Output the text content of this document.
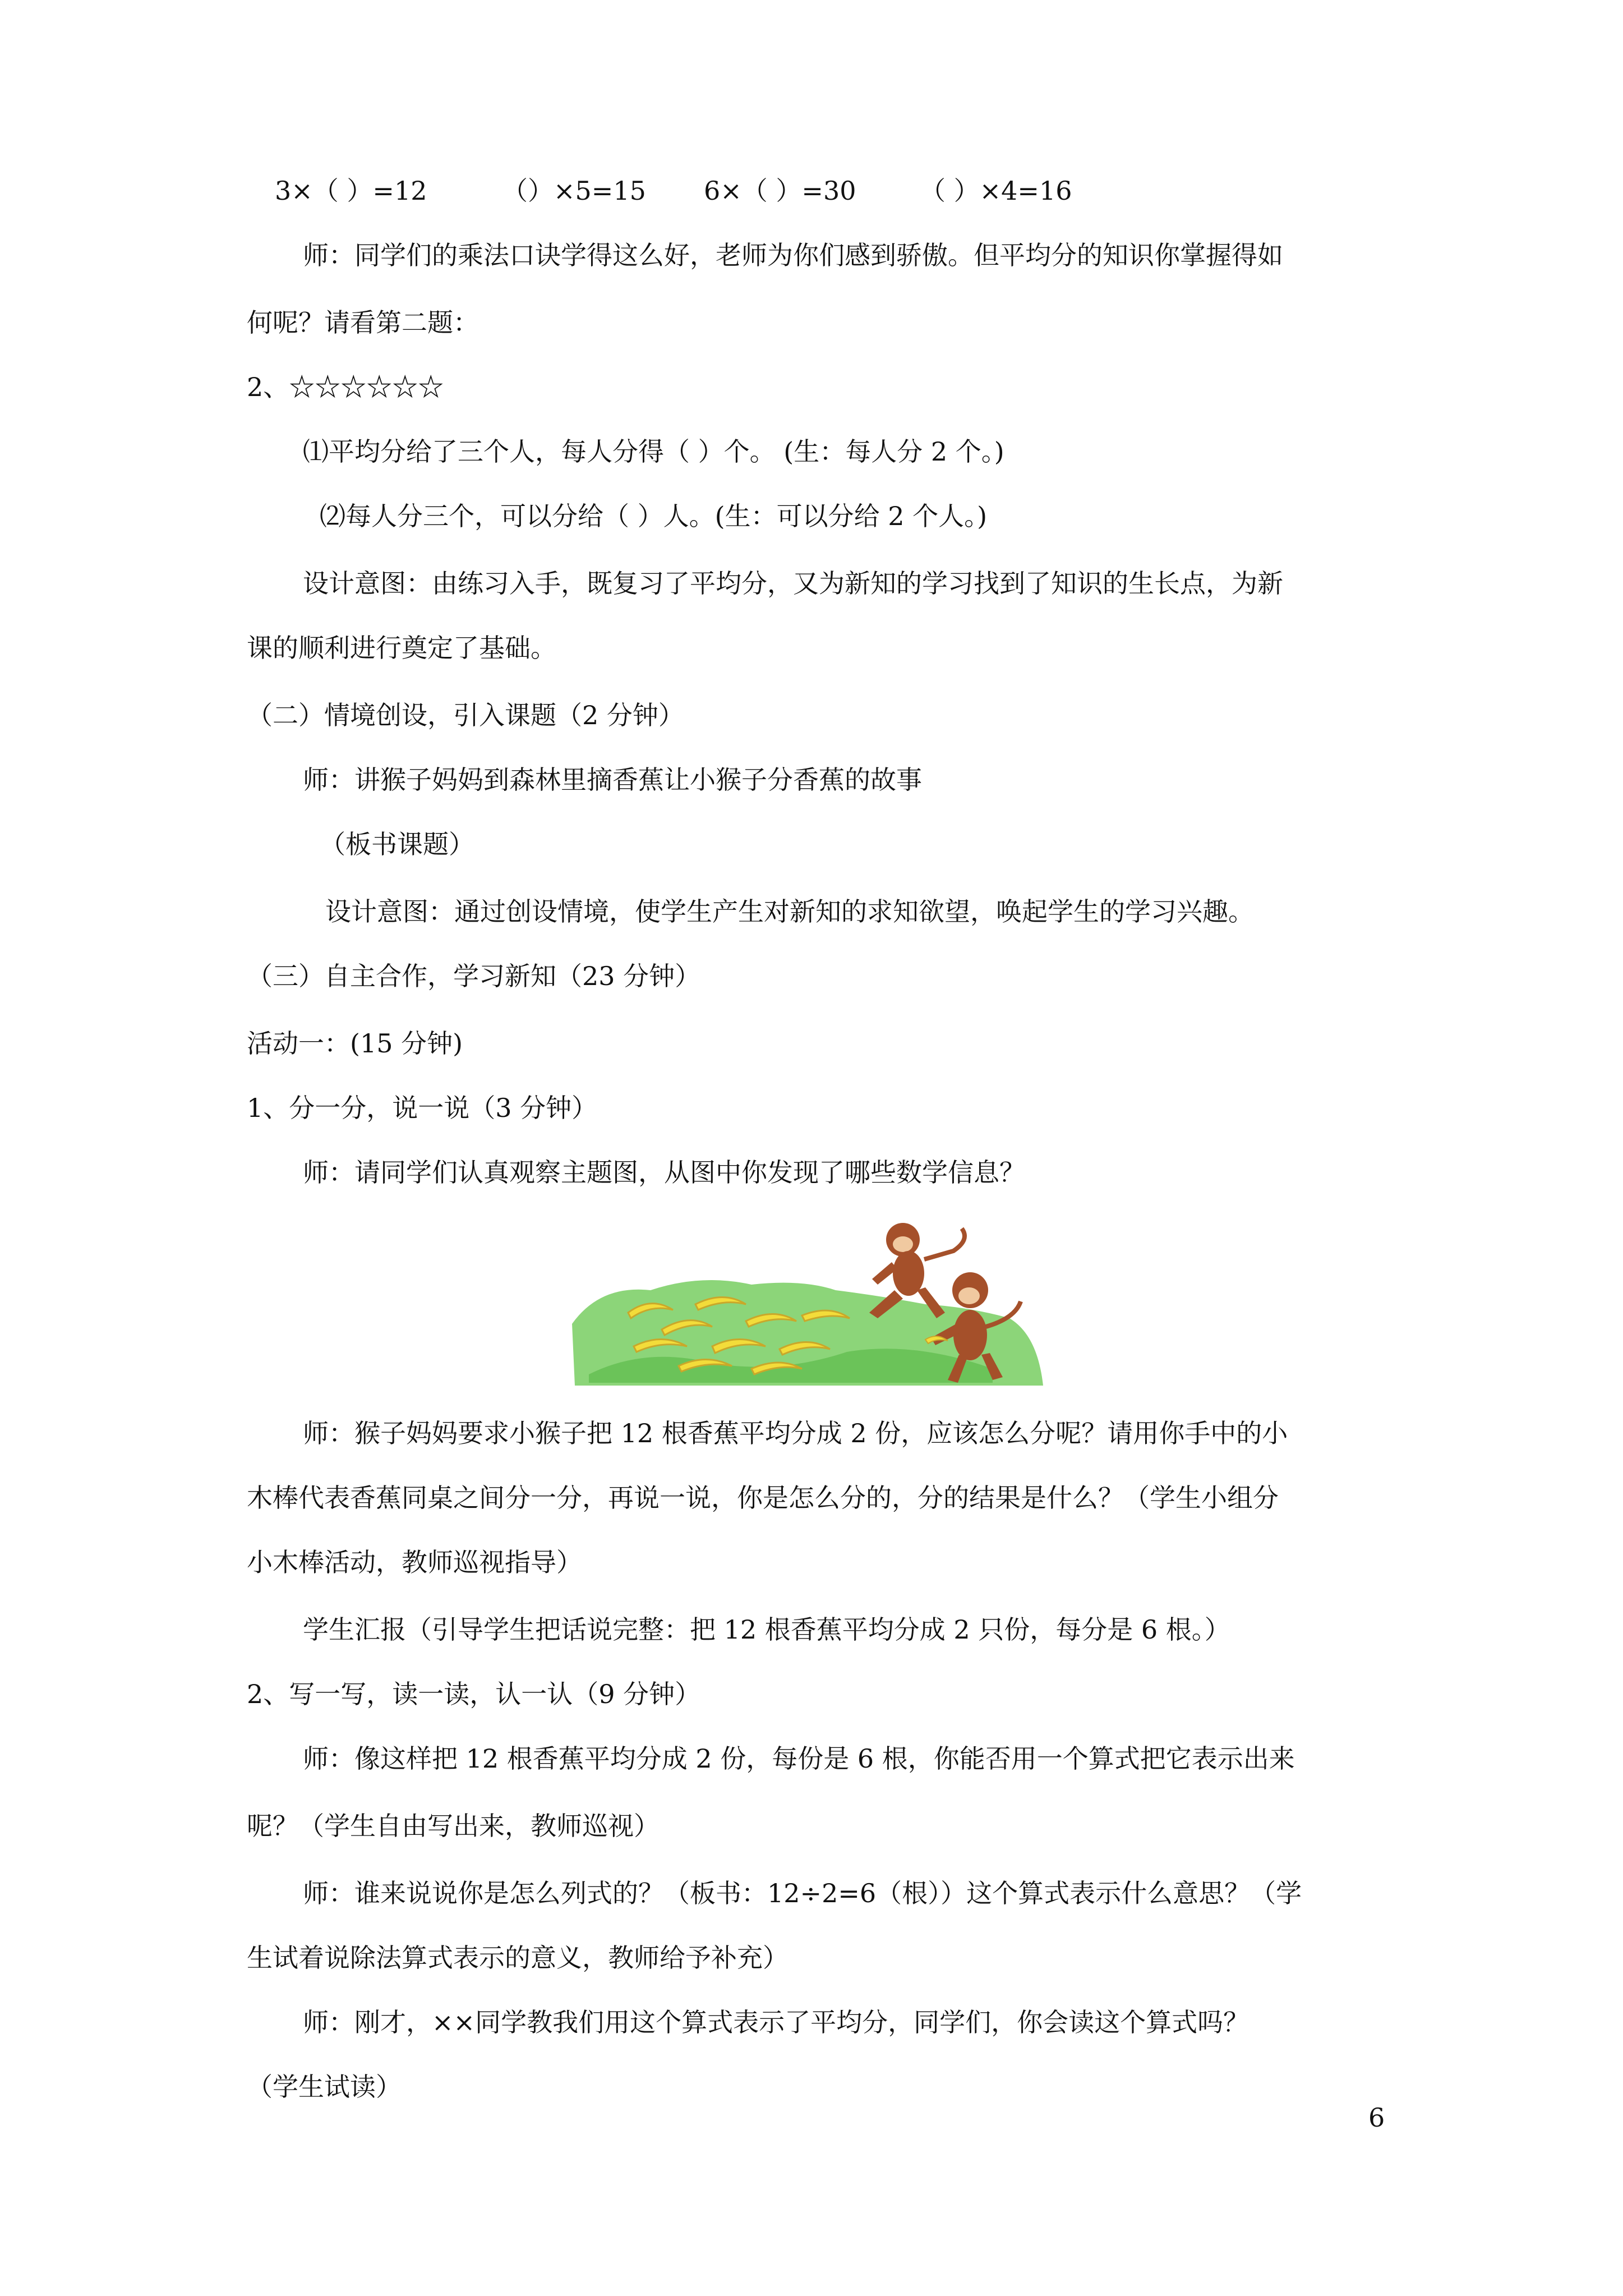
3×（ ）=12	（）×5=15 6×（ ）=30 （ ）×4=16
师：同学们的乘法口诀学得这么好，老师为你们感到骄傲。但平均分的知识你掌握得如
何呢？请看第二题：
2、☆☆☆☆☆☆
⑴平均分给了三个人，每人分得（ ）个。 (生：每人分 2 个。)
⑵每人分三个，可以分给（ ）人。(生：可以分给 2 个人。)
设计意图：由练习入手，既复习了平均分，又为新知的学习找到了知识的生长点，为新
课的顺利进行奠定了基础。
（二）情境创设，引入课题（2 分钟）
师：讲猴子妈妈到森林里摘香蕉让小猴子分香蕉的故事
（板书课题）
设计意图：通过创设情境，使学生产生对新知的求知欲望，唤起学生的学习兴趣。
（三）自主合作，学习新知（23 分钟）
活动一：(15 分钟)
1、分一分，说一说（3 分钟）
师：请同学们认真观察主题图，从图中你发现了哪些数学信息？
师：猴子妈妈要求小猴子把 12 根香蕉平均分成 2 份，应该怎么分呢？请用你手中的小
木棒代表香蕉同桌之间分一分，再说一说，你是怎么分的，分的结果是什么？（学生小组分
小木棒活动，教师巡视指导）
学生汇报（引导学生把话说完整：把 12 根香蕉平均分成 2 只份，每分是 6 根。）
2、写一写，读一读，认一认（9 分钟）
师：像这样把 12 根香蕉平均分成 2 份，每份是 6 根，你能否用一个算式把它表示出来
呢？（学生自由写出来，教师巡视）
师：谁来说说你是怎么列式的？（板书：12÷2=6（根））这个算式表示什么意思？（学
生试着说除法算式表示的意义，教师给予补充）
师：刚才，××同学教我们用这个算式表示了平均分，同学们，你会读这个算式吗？
（学生试读）
6
